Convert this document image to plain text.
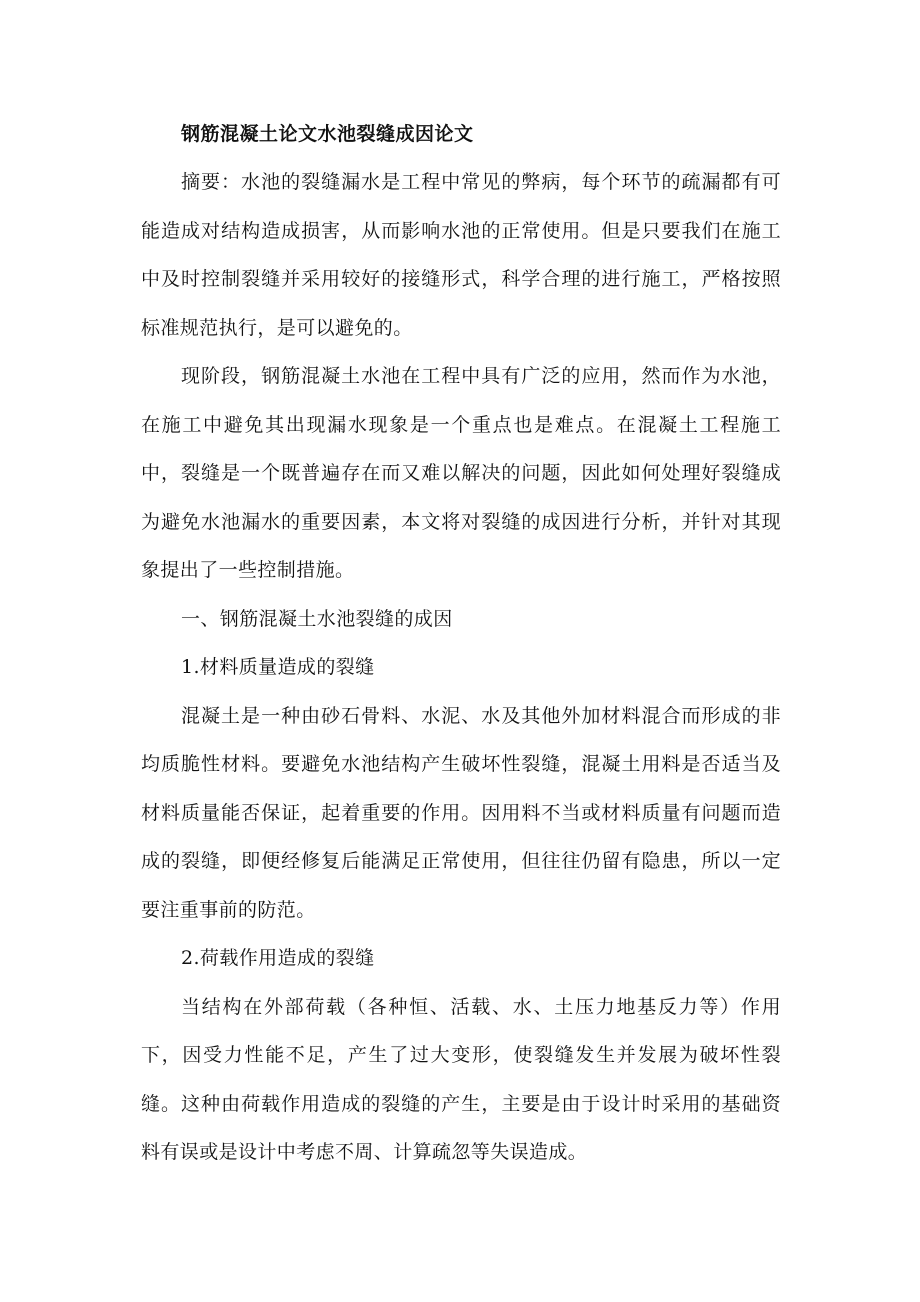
钢筋混凝土论文水池裂缝成因论文

摘要：水池的裂缝漏水是工程中常见的弊病，每个环节的疏漏都有可能造成对结构造成损害，从而影响水池的正常使用。但是只要我们在施工中及时控制裂缝并采用较好的接缝形式，科学合理的进行施工，严格按照标准规范执行，是可以避免的。

现阶段，钢筋混凝土水池在工程中具有广泛的应用，然而作为水池，在施工中避免其出现漏水现象是一个重点也是难点。在混凝土工程施工中，裂缝是一个既普遍存在而又难以解决的问题，因此如何处理好裂缝成为避免水池漏水的重要因素，本文将对裂缝的成因进行分析，并针对其现象提出了一些控制措施。

一、钢筋混凝土水池裂缝的成因

1.材料质量造成的裂缝

混凝土是一种由砂石骨料、水泥、水及其他外加材料混合而形成的非均质脆性材料。要避免水池结构产生破坏性裂缝，混凝土用料是否适当及材料质量能否保证，起着重要的作用。因用料不当或材料质量有问题而造成的裂缝，即便经修复后能满足正常使用，但往往仍留有隐患，所以一定要注重事前的防范。

2.荷载作用造成的裂缝

当结构在外部荷载（各种恒、活载、水、土压力地基反力等）作用下，因受力性能不足，产生了过大变形，使裂缝发生并发展为破坏性裂缝。这种由荷载作用造成的裂缝的产生，主要是由于设计时采用的基础资料有误或是设计中考虑不周、计算疏忽等失误造成。
